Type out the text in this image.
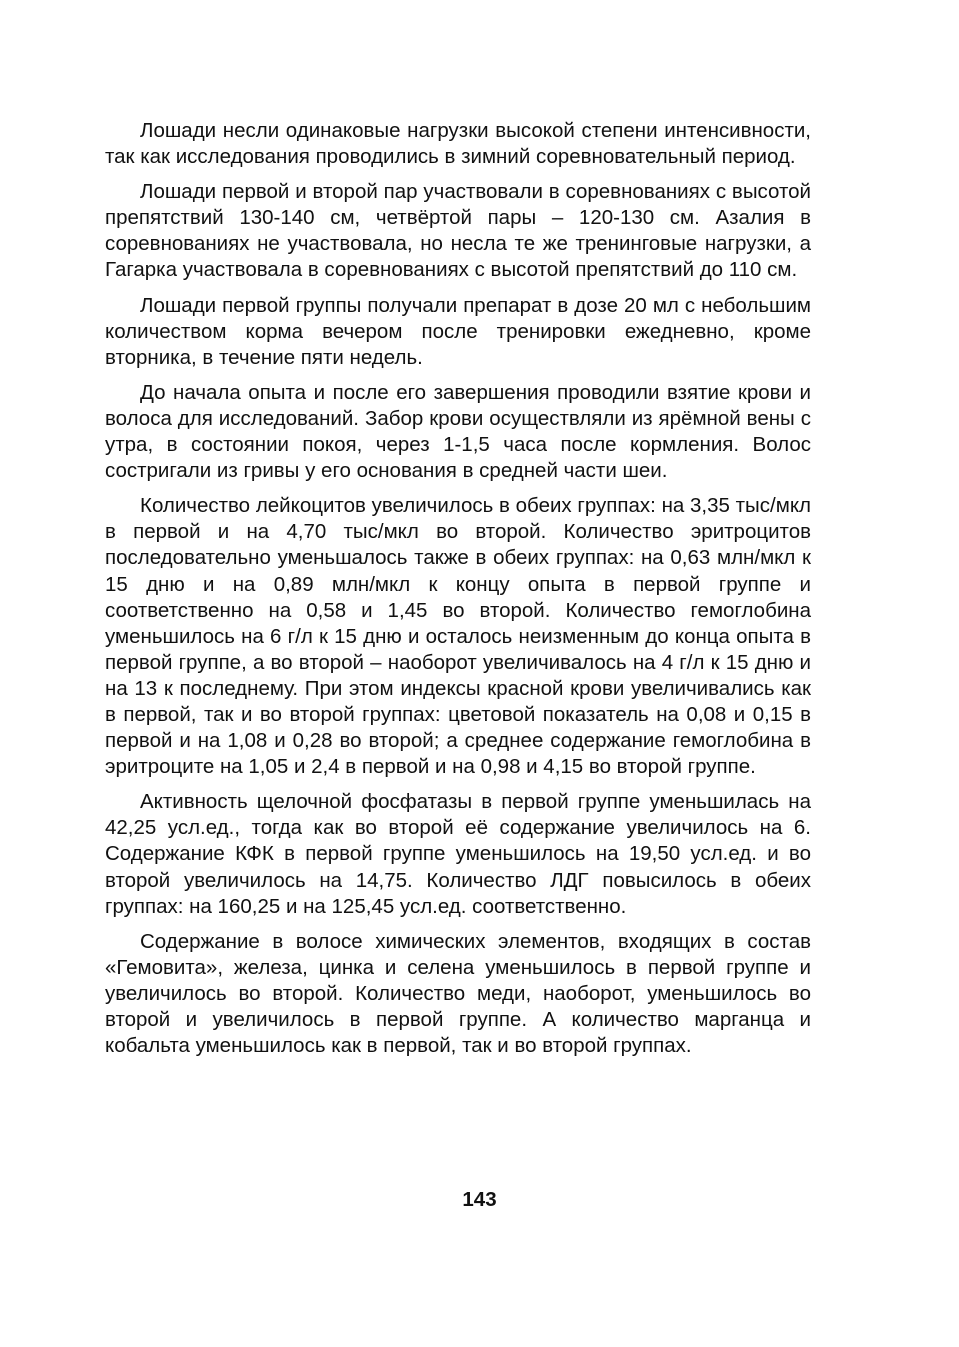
Лошади несли одинаковые нагрузки высокой степени интенсивности, так как исследования проводились в зимний соревновательный период.

Лошади первой и второй пар участвовали в соревнованиях с высотой препятствий 130-140 см, четвёртой пары – 120-130 см. Азалия в соревнованиях не участвовала, но несла те же тренинговые нагрузки, а Гагарка участвовала в соревнованиях с высотой препятствий до 110 см.

Лошади первой группы получали препарат в дозе 20 мл с небольшим количеством корма вечером после тренировки ежедневно, кроме вторника, в течение пяти недель.

До начала опыта и после его завершения проводили взятие крови и волоса для исследований. Забор крови осуществляли из ярёмной вены с утра, в состоянии покоя, через 1-1,5 часа после кормления. Волос состригали из гривы у его основания в средней части шеи.

Количество лейкоцитов увеличилось в обеих группах: на 3,35 тыс/мкл в первой и на 4,70 тыс/мкл во второй. Количество эритроцитов последовательно уменьшалось также в обеих группах: на 0,63 млн/мкл к 15 дню и на 0,89 млн/мкл к концу опыта в первой группе и соответственно на 0,58 и 1,45 во второй. Количество гемоглобина уменьшилось на 6 г/л к 15 дню и осталось неизменным до конца опыта в первой группе, а во второй – наоборот увеличивалось на 4 г/л к 15 дню и на 13 к последнему. При этом индексы красной крови увеличивались как в первой, так и во второй группах: цветовой показатель на 0,08 и 0,15 в первой и на 1,08 и 0,28 во второй; а среднее содержание гемоглобина в эритроците на 1,05 и 2,4 в первой и на 0,98 и 4,15 во второй группе.

Активность щелочной фосфатазы в первой группе уменьшилась на 42,25 усл.ед., тогда как во второй её содержание увеличилось на 6. Содержание КФК в первой группе уменьшилось на 19,50 усл.ед. и во второй увеличилось на 14,75. Количество ЛДГ повысилось в обеих группах: на 160,25 и на 125,45 усл.ед. соответственно.

Содержание в волосе химических элементов, входящих в состав «Гемовита», железа, цинка и селена уменьшилось в первой группе и увеличилось во второй. Количество меди, наоборот, уменьшилось во второй и увеличилось в первой группе. А количество марганца и кобальта уменьшилось как в первой, так и во второй группах.

143
